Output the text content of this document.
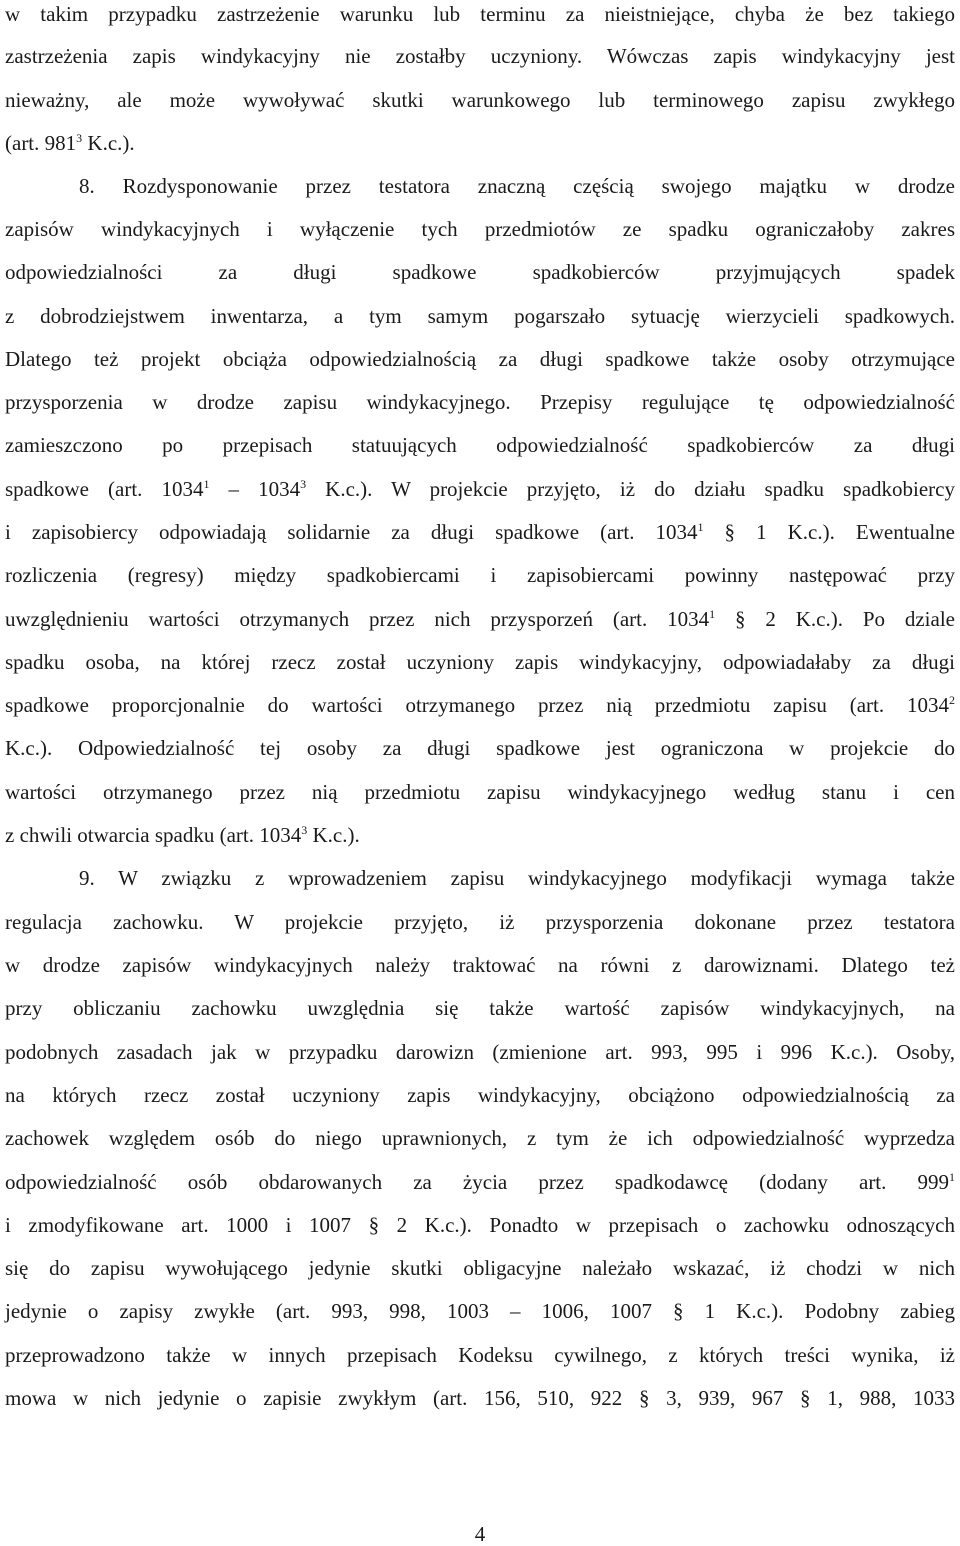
w takim przypadku zastrzeżenie warunku lub terminu za nieistniejące, chyba że bez takiego
zastrzeżenia zapis windykacyjny nie zostałby uczyniony. Wówczas zapis windykacyjny jest
nieważny, ale może wywoływać skutki warunkowego lub terminowego zapisu zwykłego
(art. $981^3$ K.c.).
8. Rozdysponowanie przez testatora znaczną częścią swojego majątku w drodze
zapisów windykacyjnych i wyłączenie tych przedmiotów ze spadku ograniczałoby zakres
odpowiedzialności za długi spadkowe spadkobierców przyjmujących spadek
z dobrodziejstwem inwentarza, a tym samym pogarszało sytuację wierzycieli spadkowych.
Dlatego też projekt obciąża odpowiedzialnością za długi spadkowe także osoby otrzymujące
przysporzenia w drodze zapisu windykacyjnego. Przepisy regulujące tę odpowiedzialność
zamieszczono po przepisach statuujących odpowiedzialność spadkobierców za długi
spadkowe (art. 1034$^1$ – 1034$^3$ K.c.). W projekcie przyjęto, iż do działu spadku spadkobiercy
i zapisobiercy odpowiadają solidarnie za długi spadkowe (art. 1034$^1$ § 1 K.c.). Ewentualne
rozliczenia (regresy) między spadkobiercami i zapisobiercami powinny następować przy
uwzględnieniu wartości otrzymanych przez nich przysporzeń (art. 1034$^1$ § 2 K.c.). Po dziale
spadku osoba, na której rzecz został uczyniony zapis windykacyjny, odpowiadałaby za długi
spadkowe proporcjonalnie do wartości otrzymanego przez nią przedmiotu zapisu (art. 1034$^2$
K.c.). Odpowiedzialność tej osoby za długi spadkowe jest ograniczona w projekcie do
wartości otrzymanego przez nią przedmiotu zapisu windykacyjnego według stanu i cen
z chwili otwarcia spadku (art. 1034$^3$ K.c.).
9. W związku z wprowadzeniem zapisu windykacyjnego modyfikacji wymaga także
regulacja zachowku. W projekcie przyjęto, iż przysporzenia dokonane przez testatora
w drodze zapisów windykacyjnych należy traktować na równi z darowiznami. Dlatego też
przy obliczaniu zachowku uwzględnia się także wartość zapisów windykacyjnych, na
podobnych zasadach jak w przypadku darowizn (zmienione art. 993, 995 i 996 K.c.). Osoby,
na których rzecz został uczyniony zapis windykacyjny, obciążono odpowiedzialnością za
zachowek względem osób do niego uprawnionych, z tym że ich odpowiedzialność wyprzedza
odpowiedzialność osób obdarowanych za życia przez spadkodawcę (dodany art. $999^1$
i zmodyfikowane art. 1000 i 1007 § 2 K.c.). Ponadto w przepisach o zachowku odnoszących
się do zapisu wywołującego jedynie skutki obligacyjne należało wskazać, iż chodzi w nich
jedynie o zapisy zwykłe (art. 993, 998, 1003 – 1006, 1007 § 1 K.c.). Podobny zabieg
przeprowadzono także w innych przepisach Kodeksu cywilnego, z których treści wynika, iż
mowa w nich jedynie o zapisie zwykłym (art. 156, 510, 922 § 3, 939, 967 § 1, 988, 1033
4
